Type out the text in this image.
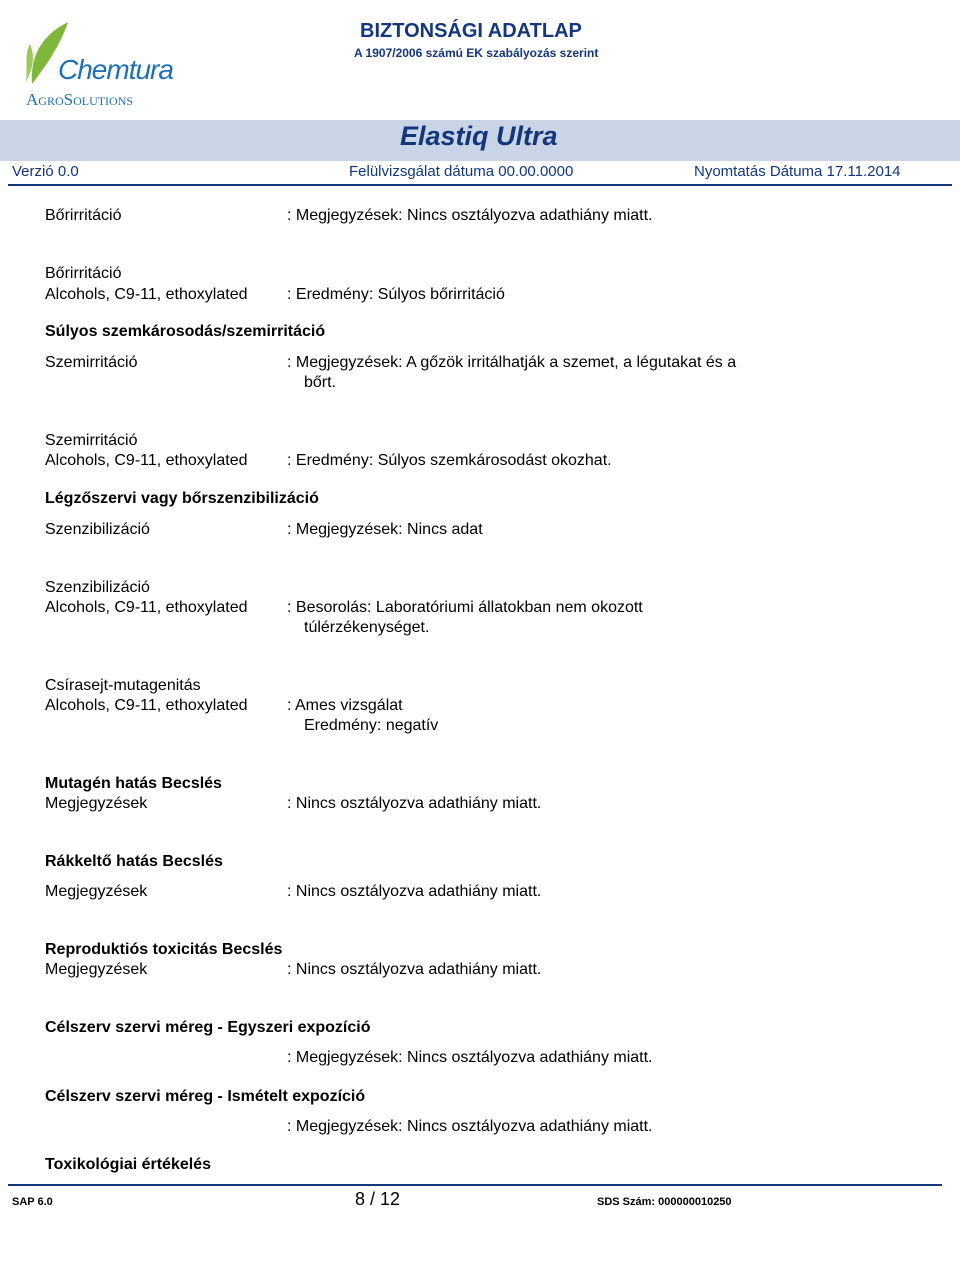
Chemtura
AgroSolutions
BIZTONSÁGI ADATLAP
A 1907/2006 számú EK szabályozás szerint
Elastiq Ultra
Verzió 0.0	Felülvizsgálat dátuma 00.00.0000	Nyomtatás Dátuma 17.11.2014
Bőrirritáció	: Megjegyzések: Nincs osztályozva adathiány miatt.
Bőrirritáció
Alcohols, C9-11, ethoxylated : Eredmény: Súlyos bőrirritáció
Súlyos szemkárosodás/szemirritáció
Szemirritáció	: Megjegyzések: A gőzök irritálhatják a szemet, a légutakat és a
bőrt.
Szemirritáció
Alcohols, C9-11, ethoxylated : Eredmény: Súlyos szemkárosodást okozhat.
Légzőszervi vagy bőrszenzibilizáció
Szenzibilizáció	: Megjegyzések: Nincs adat
Szenzibilizáció
Alcohols, C9-11, ethoxylated : Besorolás: Laboratóriumi állatokban nem okozott
túlérzékenységet.
Csírasejt-mutagenitás
Alcohols, C9-11, ethoxylated : Ames vizsgálat
Eredmény: negatív
Mutagén hatás Becslés
Megjegyzések	: Nincs osztályozva adathiány miatt.
Rákkeltő hatás Becslés
Megjegyzések	: Nincs osztályozva adathiány miatt.
Reproduktiós toxicitás Becslés
Megjegyzések	: Nincs osztályozva adathiány miatt.
Célszerv szervi méreg - Egyszeri expozíció
: Megjegyzések: Nincs osztályozva adathiány miatt.
Célszerv szervi méreg - Ismételt expozíció
: Megjegyzések: Nincs osztályozva adathiány miatt.
Toxikológiai értékelés
SAP 6.0	8 / 12	SDS Szám: 000000010250
